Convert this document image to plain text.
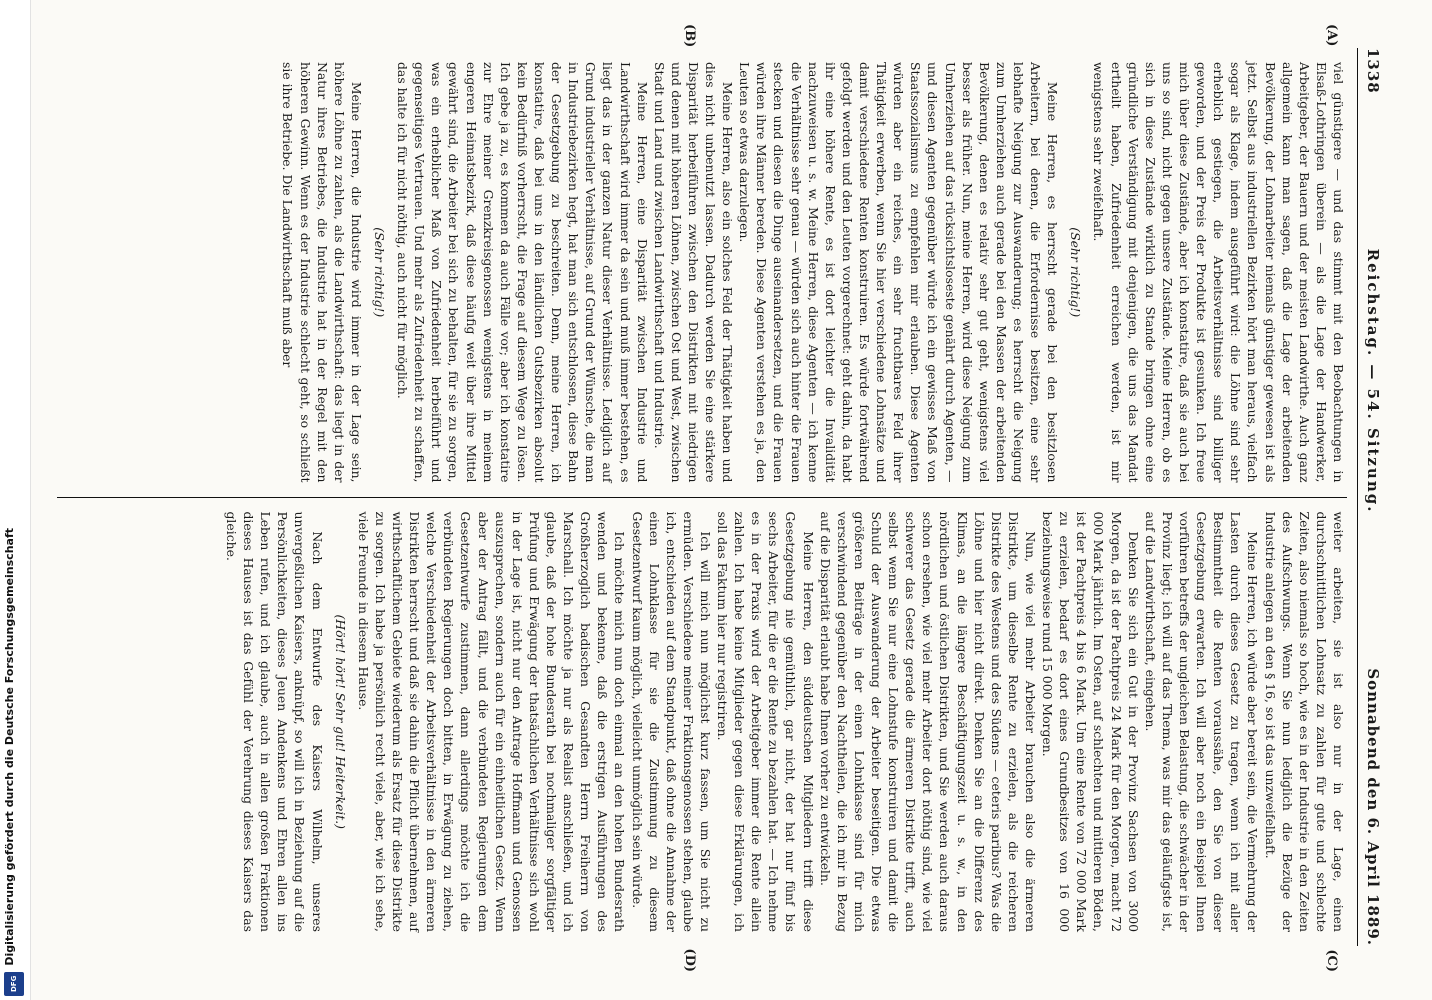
1338
Reichstag. — 54. Sitzung.
Sonnabend den 6. April 1889.
(A)
(B)
(C)
(D)

viel günstigere — und das stimmt mit den Beobachtungen in Elsaß-Lothringen überein — als die Lage der Handwerker, Arbeitgeber, der Bauern und der meisten Landwirthe. Auch ganz allgemein kann man sagen, daß die Lage der arbeitenden Bevölkerung, der Lohnarbeiter niemals günstiger gewesen ist als jetzt. Selbst aus industriellen Bezirken hört man heraus, vielfach sogar als Klage, indem ausgeführt wird: die Löhne sind sehr erheblich gestiegen, die Arbeitsverhältnisse sind billiger geworden, und der Preis der Produkte ist gesunken. Ich freue mich über diese Zustände, aber ich konstatire, daß sie auch bei uns so sind, nicht gegen unsere Zustände. Meine Herren, ob es sich in diese Zustände wirklich zu Stande bringen ohne eine gründliche Verständigung mit denjenigen, die uns das Mandat ertheilt haben, Zufriedenheit erreichen werden, ist mir wenigstens sehr zweifelhaft.

(Sehr richtig!)

Meine Herren, es herrscht gerade bei den besitzlosen Arbeitern, bei denen, die Erfordernisse besitzen, eine sehr lebhafte Neigung zur Auswanderung; es herrscht die Neigung zum Umherziehen auch gerade bei den Massen der arbeitenden Bevölkerung, denen es relativ sehr gut geht, wenigstens viel besser als früher. Nun, meine Herren, wird diese Neigung zum Umherziehen auf das rücksichtsloseste genährt durch Agenten, — und diesen Agenten gegenüber würde ich ein gewisses Maß von Staatssozialismus zu empfehlen mir erlauben. Diese Agenten würden aber ein reiches, ein sehr fruchtbares Feld ihrer Thätigkeit erwerben, wenn Sie hier verschiedene Lohnsätze und damit verschiedene Renten konstruiren. Es würde fortwährend gefolgt werden und den Leuten vorgerechnet: geht dahin, da habt ihr eine höhere Rente, es ist dort leichter die Invalidität nachzuweisen u. s. w. Meine Herren, diese Agenten — ich kenne die Verhältnisse sehr genau — würden sich auch hinter die Frauen stecken und diesen die Dinge auseinandersetzen, und die Frauen würden ihre Männer bereden. Diese Agenten verstehen es ja, den Leuten so etwas darzulegen.

Meine Herren, also ein solches Feld der Thätigkeit haben und dies nicht unbenutzt lassen. Dadurch werden Sie eine stärkere Disparität herbeiführen zwischen den Distrikten mit niedrigen und denen mit höheren Löhnen, zwischen Ost und West, zwischen Stadt und Land und zwischen Landwirthschaft und Industrie.

Meine Herren, eine Disparität zwischen Industrie und Landwirthschaft wird immer da sein und muß immer bestehen, es liegt das in der ganzen Natur dieser Verhältnisse. Lediglich auf Grund industrieller Verhältnisse, auf Grund der Wünsche, die man in Industriebezirken hegt, hat man sich entschlossen, diese Bahn der Gesetzgebung zu beschreiten. Denn, meine Herren, ich konstatire, daß bei uns in den ländlichen Gutsbezirken absolut kein Bedürfniß vorherrscht, die Frage auf diesem Wege zu lösen. Ich gebe ja zu, es kommen da auch Fälle vor; aber ich konstatire zur Ehre meiner Grenzkreisgenossen wenigstens in meinem engeren Heimatsbezirk, daß diese häufig weit über ihre Mittel gewährt sind, die Arbeiter bei sich zu behalten, für sie zu sorgen, was ein erheblicher Maß von Zufriedenheit herbeiführt und gegenseitiges Vertrauen. Und mehr als Zufriedenheit zu schaffen, das halte ich für nicht nöthig, auch nicht für möglich.

(Sehr richtig!)

Meine Herren, die Industrie wird immer in der Lage sein, höhere Löhne zu zahlen, als die Landwirthschaft: das liegt in der Natur ihres Betriebes, die Industrie hat in der Regel mit den höheren Gewinn. Wenn es der Industrie schlecht geht, so schließt sie ihre Betriebe. Die Landwirthschaft muß aber

weiter arbeiten, sie ist also nur in der Lage, einen durchschnittlichen Lohnsatz zu zahlen für gute und schlechte Zeiten, also niemals so hoch, wie es in der Industrie in den Zeiten des Aufschwungs. Wenn Sie nun lediglich die Bezüge der Industrie anlegen an den § 16, so ist das unzweifelhaft.

Meine Herren, ich würde aber bereit sein, die Vermehrung der Lasten durch dieses Gesetz zu tragen, wenn ich mit aller Bestimmtheit die Renten voraussähe, den Sie von dieser Gesetzgebung erwarten. Ich will aber noch ein Beispiel Ihnen vorführen betreffs der ungleichen Belastung, die schwächer in der Provinz liegt; ich will auf das Thema, was mir das geläufigste ist, auf die Landwirthschaft, eingehen.

Denken Sie sich ein Gut in der Provinz Sachsen von 3000 Morgen, da ist der Pachtpreis 24 Mark für den Morgen, macht 72 000 Mark jährlich. Im Osten, auf schlechten und mittleren Böden, ist der Pachtpreis 4 bis 6 Mark. Um eine Rente von 72 000 Mark zu erzielen, bedarf es dort eines Grundbesitzes von 16 000 beziehungsweise rund 15 000 Morgen.

Nun, wie viel mehr Arbeiter brauchen also die ärmeren Distrikte, um dieselbe Rente zu erzielen, als die reicheren Distrikte des Westens und des Südens — ceteris paribus? Was die Löhne und hier nicht direkt. Denken Sie an die Differenz des Klimas, an die längere Beschäftigungszeit u. s. w., in den nördlichen und östlichen Distrikten, und Sie werden auch daraus schon ersehen, wie viel mehr Arbeiter dort nöthig sind, wie viel schwerer das Gesetz gerade die ärmeren Distrikte trifft, auch selbst wenn Sie nur eine Lohnstufe konstruiren und damit die Schuld der Auswanderung der Arbeiter beseitigen. Die etwas größeren Beiträge in der einen Lohnklasse sind für mich verschwindend gegenüber den Nachtheilen, die ich mir in Bezug auf die Disparität erlaubt habe Ihnen vorher zu entwickeln.

Meine Herren, den süddeutschen Mitgliedern trifft diese Gesetzgebung nie gemüthlich, gar nicht, der hat nur fünf bis sechs Arbeiter, für die er die Rente zu bezahlen hat. — Ich nehme es in der Praxis wird der Arbeitgeber immer die Rente allein zahlen. Ich habe keine Mitglieder gegen diese Erklärungen, ich soll das Faktum hier nur registriren.

Ich will mich nun möglichst kurz fassen, um Sie nicht zu ermüden. Verschiedene meiner Fraktionsgenossen stehen, glaube ich, entschieden auf dem Standpunkt, daß ohne die Annahme der einen Lohnklasse für sie die Zustimmung zu diesem Gesetzentwurf kaum möglich, vielleicht unmöglich sein würde.

Ich möchte mich nun doch einmal an den hohen Bundesrath wenden und bekenne, daß die erstrigen Ausführungen des Großherzoglich badischen Gesandten Herrn Freiherrn von Marschall. Ich möchte ja nur als Realist anschließen, und ich glaube, daß der hohe Bundesrath bei nochmaliger sorgfältiger Prüfung und Erwägung der thatsächlichen Verhältnisse sich wohl in der Lage ist, nicht nur den Antrage Hoffmann und Genossen auszusprechen, sondern auch für ein einheitlichen Gesetz. Wenn aber der Antrag fällt, und die verbündeten Regierungen dem Gesetzentwurfe zustimmen, dann allerdings möchte ich die verbündeten Regierungen doch bitten, in Erwägung zu ziehen, welche Verschiedenheit der Arbeitsverhältnisse in den ärmeren Distrikten herrscht und daß sie dahin die Pflicht übernehmen, auf wirthschaftlichem Gebiete wiederum als Ersatz für diese Distrikte zu sorgen. Ich habe ja persönlich recht viele, aber, wie ich sehe, viele Freunde in diesem Hause.

(Hört! hört! Sehr gut! Heiterkeit.)

Nach dem Entwurfe des Kaisers Wilhelm, unseres unvergeßlichen Kaisers, anknüpf, so will ich in Beziehung auf die Persönlichkeiten, dieses Jeuen Andenkens und Ehren allen ins Leben rufen, und ich glaube, auch in allen großen Fraktionen dieses Hauses ist das Gefühl der Verehrung dieses Kaisers das gleiche.

Digitalisierung gefördert durch die Deutsche Forschungsgemeinschaft
DFG
